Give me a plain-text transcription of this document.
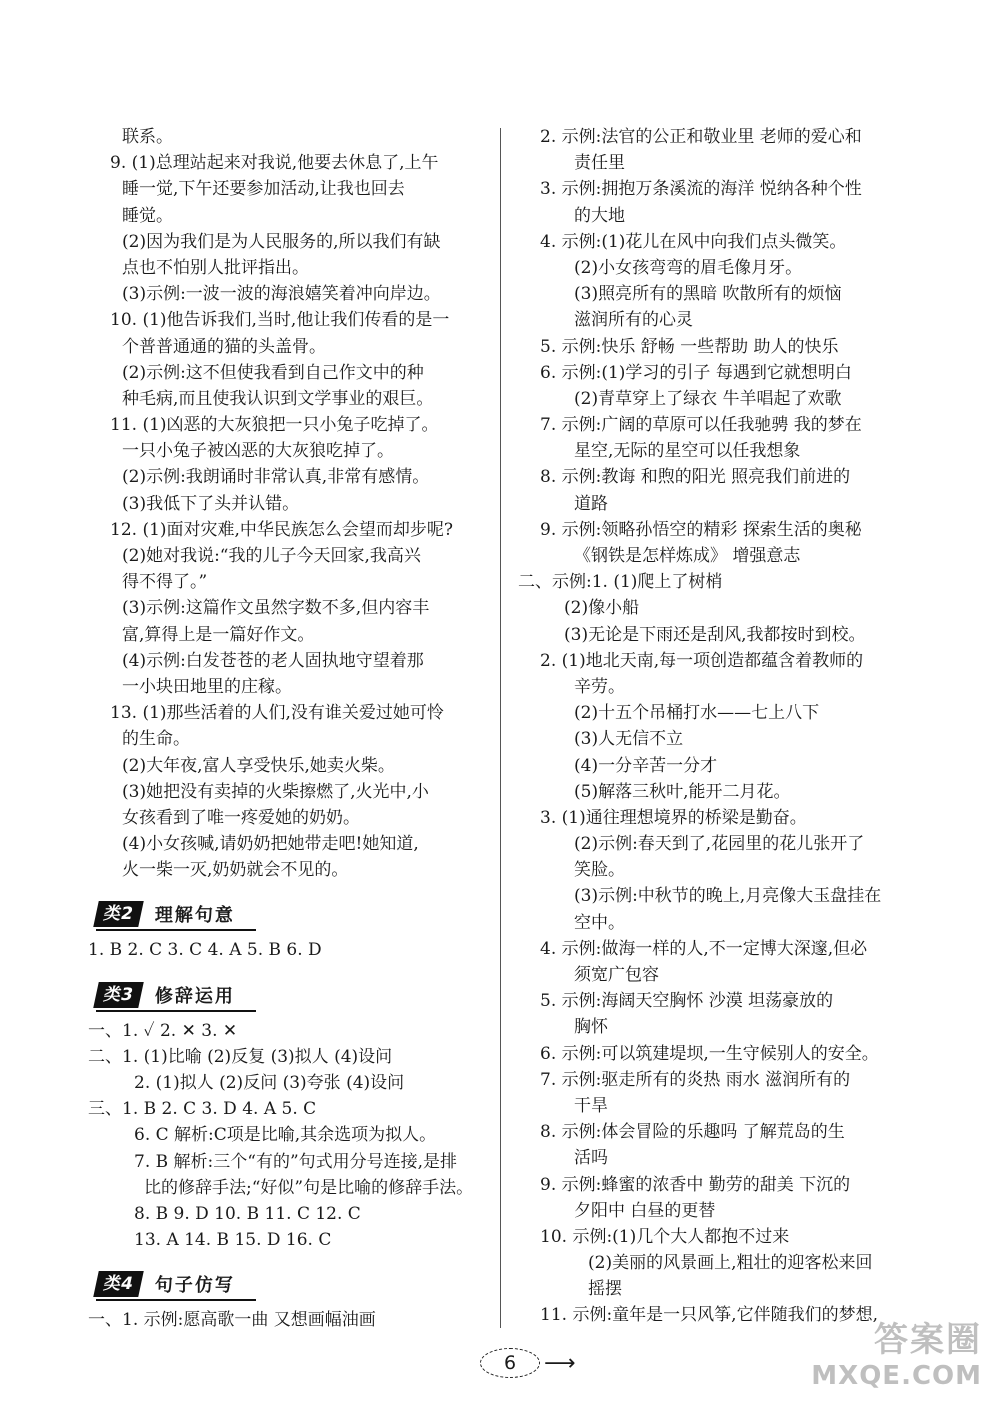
联系。
9. (1)总理站起来对我说,他要去休息了,上午
睡一觉,下午还要参加活动,让我也回去
睡觉。
(2)因为我们是为人民服务的,所以我们有缺
点也不怕别人批评指出。
(3)示例:一波一波的海浪嬉笑着冲向岸边。
10. (1)他告诉我们,当时,他让我们传看的是一
个普普通通的猫的头盖骨。
(2)示例:这不但使我看到自己作文中的种
种毛病,而且使我认识到文学事业的艰巨。
11. (1)凶恶的大灰狼把一只小兔子吃掉了。
一只小兔子被凶恶的大灰狼吃掉了。
(2)示例:我朗诵时非常认真,非常有感情。
(3)我低下了头并认错。
12. (1)面对灾难,中华民族怎么会望而却步呢?
(2)她对我说:“我的儿子今天回家,我高兴
得不得了。”
(3)示例:这篇作文虽然字数不多,但内容丰
富,算得上是一篇好作文。
(4)示例:白发苍苍的老人固执地守望着那
一小块田地里的庄稼。
13. (1)那些活着的人们,没有谁关爱过她可怜
的生命。
(2)大年夜,富人享受快乐,她卖火柴。
(3)她把没有卖掉的火柴擦燃了,火光中,小
女孩看到了唯一疼爱她的奶奶。
(4)小女孩喊,请奶奶把她带走吧!她知道,
火一柴一灭,奶奶就会不见的。
类2	理解句意
1. B 2. C 3. C 4. A 5. B 6. D
类3	修辞运用
一、1. ✓ 2. ✕ 3. ✕
二、1. (1)比喻 (2)反复 (3)拟人 (4)设问
2. (1)拟人 (2)反问 (3)夸张 (4)设问
三、1. B 2. C 3. D 4. A 5. C
6. C 解析:C项是比喻,其余选项为拟人。
7. B 解析:三个“有的”句式用分号连接,是排
比的修辞手法;“好似”句是比喻的修辞手法。
8. B 9. D 10. B 11. C 12. C
13. A 14. B 15. D 16. C
类4	句子仿写
一、1. 示例:愿高歌一曲 又想画幅油画
2. 示例:法官的公正和敬业里 老师的爱心和
责任里
3. 示例:拥抱万条溪流的海洋 悦纳各种个性
的大地
4. 示例:(1)花儿在风中向我们点头微笑。
(2)小女孩弯弯的眉毛像月牙。
(3)照亮所有的黑暗 吹散所有的烦恼
滋润所有的心灵
5. 示例:快乐 舒畅 一些帮助 助人的快乐
6. 示例:(1)学习的引子 每遇到它就想明白
(2)青草穿上了绿衣 牛羊唱起了欢歌
7. 示例:广阔的草原可以任我驰骋 我的梦在
星空,无际的星空可以任我想象
8. 示例:教诲 和煦的阳光 照亮我们前进的
道路
9. 示例:领略孙悟空的精彩 探索生活的奥秘
《钢铁是怎样炼成》 增强意志
二、示例:1. (1)爬上了树梢
(2)像小船
(3)无论是下雨还是刮风,我都按时到校。
2. (1)地北天南,每一项创造都蕴含着教师的
辛劳。
(2)十五个吊桶打水——七上八下
(3)人无信不立
(4)一分辛苦一分才
(5)解落三秋叶,能开二月花。
3. (1)通往理想境界的桥梁是勤奋。
(2)示例:春天到了,花园里的花儿张开了
笑脸。
(3)示例:中秋节的晚上,月亮像大玉盘挂在
空中。
4. 示例:做海一样的人,不一定博大深邃,但必
须宽广包容
5. 示例:海阔天空胸怀 沙漠 坦荡豪放的
胸怀
6. 示例:可以筑建堤坝,一生守候别人的安全。
7. 示例:驱走所有的炎热 雨水 滋润所有的
干旱
8. 示例:体会冒险的乐趣吗 了解荒岛的生
活吗
9. 示例:蜂蜜的浓香中 勤劳的甜美 下沉的
夕阳中 白昼的更替
10. 示例:(1)几个大人都抱不过来
(2)美丽的风景画上,粗壮的迎客松来回
摇摆
11. 示例:童年是一只风筝,它伴随我们的梦想,
6	⟶
答案圈
MXQE.COM
